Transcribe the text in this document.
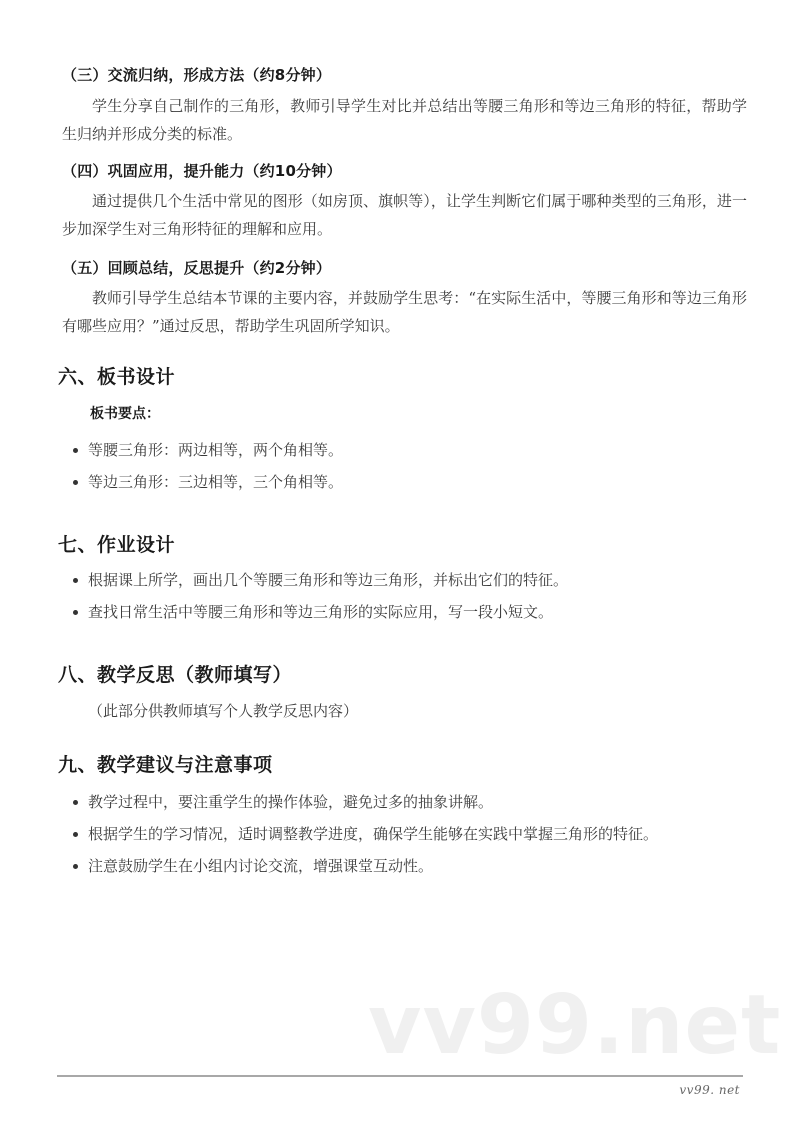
（三）交流归纳，形成方法（约8分钟）
学生分享自己制作的三角形，教师引导学生对比并总结出等腰三角形和等边三角形的特征，帮助学生归纳并形成分类的标准。
（四）巩固应用，提升能力（约10分钟）
通过提供几个生活中常见的图形（如房顶、旗帜等），让学生判断它们属于哪种类型的三角形，进一步加深学生对三角形特征的理解和应用。
（五）回顾总结，反思提升（约2分钟）
教师引导学生总结本节课的主要内容，并鼓励学生思考：“在实际生活中，等腰三角形和等边三角形有哪些应用？”通过反思，帮助学生巩固所学知识。
六、板书设计
板书要点：
等腰三角形：两边相等，两个角相等。
等边三角形：三边相等，三个角相等。
七、作业设计
根据课上所学，画出几个等腰三角形和等边三角形，并标出它们的特征。
查找日常生活中等腰三角形和等边三角形的实际应用，写一段小短文。
八、教学反思（教师填写）
（此部分供教师填写个人教学反思内容）
九、教学建议与注意事项
教学过程中，要注重学生的操作体验，避免过多的抽象讲解。
根据学生的学习情况，适时调整教学进度，确保学生能够在实践中掌握三角形的特征。
注意鼓励学生在小组内讨论交流，增强课堂互动性。
vv99.net
vv99. net
